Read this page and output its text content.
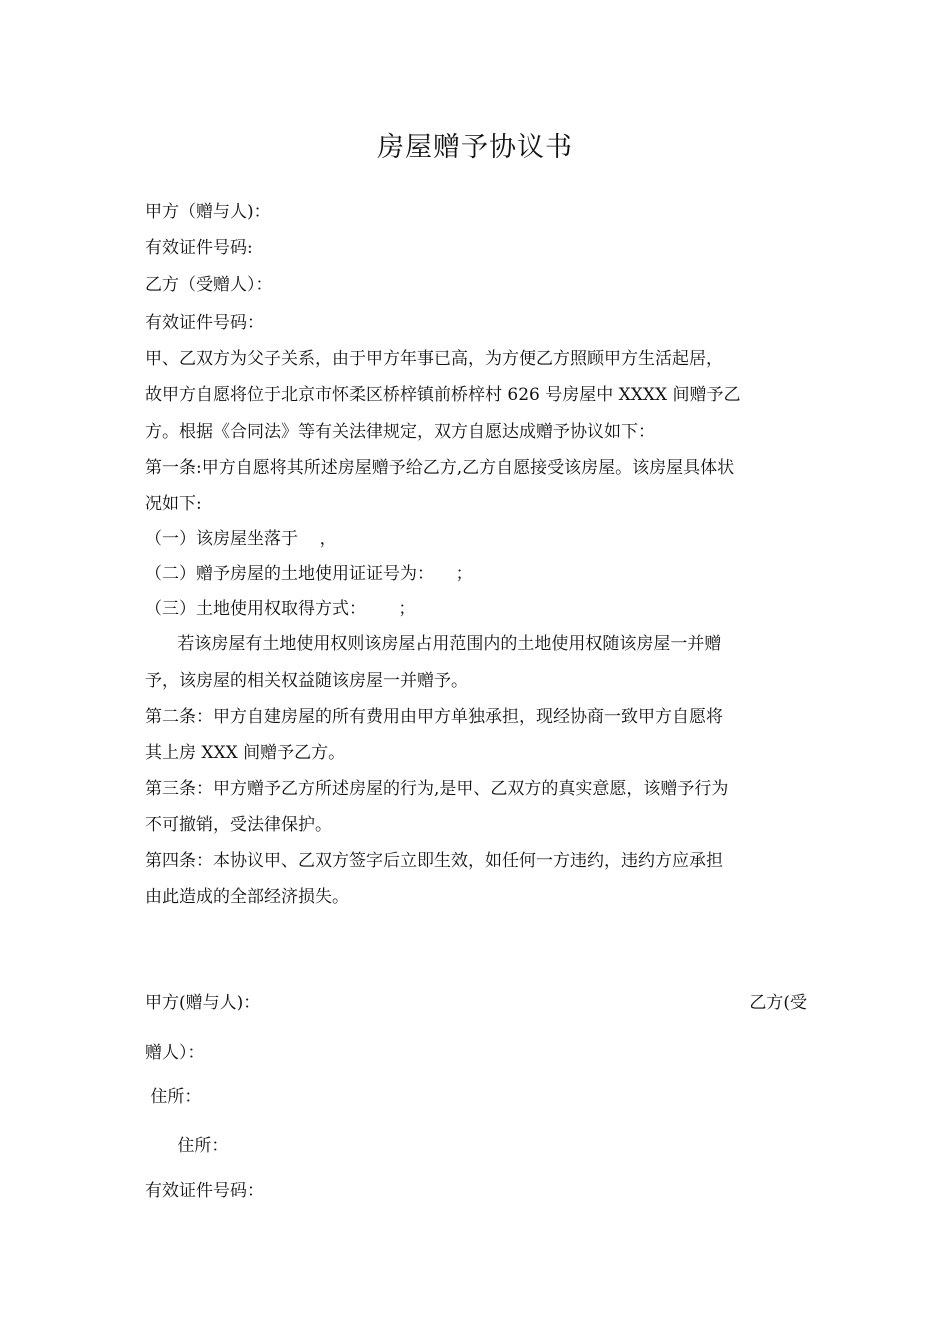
房屋赠予协议书
甲方（赠与人)：
有效证件号码:
乙方（受赠人）：
有效证件号码：
甲、乙双方为父子关系，由于甲方年事已高，为方便乙方照顾甲方生活起居，
故甲方自愿将位于北京市怀柔区桥梓镇前桥梓村 626 号房屋中 XXXX 间赠予乙
方。根据《合同法》等有关法律规定，双方自愿达成赠予协议如下：
第一条:甲方自愿将其所述房屋赠予给乙方,乙方自愿接受该房屋。该房屋具体状
况如下:
（一）该房屋坐落于    ，
（二）赠予房屋的土地使用证证号为：    ；
（三）土地使用权取得方式：      ；
若该房屋有土地使用权则该房屋占用范围内的土地使用权随该房屋一并赠
予，该房屋的相关权益随该房屋一并赠予。
第二条：甲方自建房屋的所有费用由甲方单独承担，现经协商一致甲方自愿将
其上房 XXX 间赠予乙方。
第三条：甲方赠予乙方所述房屋的行为,是甲、乙双方的真实意愿，该赠予行为
不可撤销，受法律保护。
第四条：本协议甲、乙双方签字后立即生效，如任何一方违约，违约方应承担
由此造成的全部经济损失。
甲方(赠与人)：	乙方(受
赠人）：
住所：
住所：
有效证件号码：
